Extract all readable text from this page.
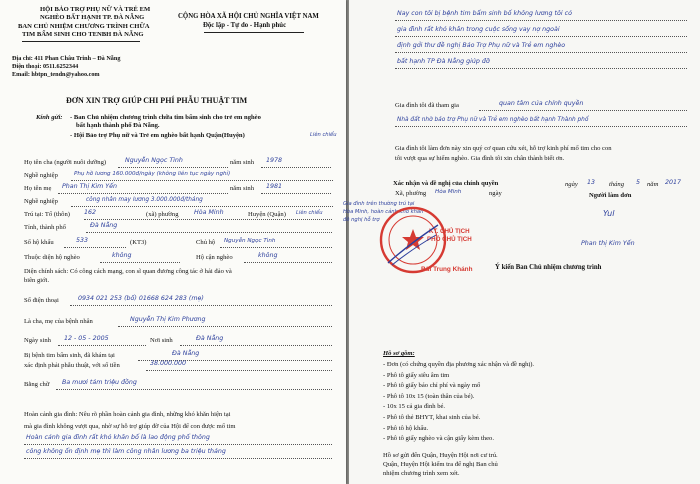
HỘI BẢO TRỢ PHỤ NỮ VÀ TRẺ EM
NGHÈO BẤT HẠNH TP. ĐÀ NẴNG
BAN CHỦ NHIỆM CHƯƠNG TRÌNH CHỮA
TIM BẨM SINH CHO TENBH ĐÀ NẴNG
Địa chỉ: 411 Phan Châu Trinh – Đà Nẵng
Điện thoại: 0511.6252344
Email: hbtpn_tendn@yahoo.com
CỘNG HÒA XÃ HỘI CHỦ NGHĨA VIỆT NAM
Độc lập - Tự do - Hạnh phúc
ĐƠN XIN TRỢ GIÚP CHI PHÍ PHẪU THUẬT TIM
Kính gửi: - Ban Chủ nhiệm chương trình chữa tim bẩm sinh cho trẻ em nghèo
bất hạnh thành phố Đà Nẵng.
- Hội Bảo trợ Phụ nữ và Trẻ em nghèo bất hạnh Quận(Huyện)	Liên chiểu
Họ tên cha (người nuôi dưỡng)	Nguyễn Ngọc Tình	năm sinh 1978
Nghề nghiệp	Phụ hồ lương 160.000đ/ngày (không liên tục ngày nghỉ)
Họ tên mẹ Phan Thị Kim Yến	năm sinh 1981
Nghề nghiệp	công nhân may lương 3.000.000đ/tháng
Trú tại: Tổ (thôn) 162	(xã) phường Hòa Minh	Huyện (Quận) Liên chiểu
Tỉnh, thành phố	Đà Nẵng
Sổ hộ khẩu	533	(KT3)	Chủ hộ Nguyễn Ngọc Tình
Thuộc diện hộ nghèo	không	Hộ cận nghèo	không
Diện chính sách: Có công cách mạng, con sĩ quan đương công tác ở hải đảo và
biên giới.
Số điện thoại	0934 021 253 (bố) 01668 624 283 (mẹ)
Là cha, mẹ của bệnh nhân	Nguyễn Thị Kim Phương
Ngày sinh 12 - 05 - 2005	Nơi sinh	Đà Nẵng
Bị bệnh tim bẩm sinh, đã khám tại	Đà Nẵng
xác định phải phẫu thuật, với số tiền	38.000.000
Bằng chữ Ba mươi tám triệu đồng
Hoàn cảnh gia đình: Nêu rõ phần hoàn cảnh gia đình, những khó khăn hiện tại
mà gia đình không vượt qua, nhờ sự hỗ trợ giúp đỡ của Hội để con được mổ tim
Hoàn cảnh gia đình rất khó khăn bố là lao động phổ thông
công không ổn định mẹ thì làm công nhân lương ba triệu tháng
Nay con tôi bị bệnh tim bẩm sinh bố không lương tôi có
gia đình rất khó khăn trong cuộc sống vay nợ ngoài
định gởi thư đề nghị Bảo Trợ Phụ nữ và Trẻ em nghèo
bất hạnh TP Đà Nẵng giúp đỡ
Gia đình tôi đã tham gia	quan tâm của chính quyền
Nhà đất nhờ bảo trợ Phụ nữ và Trẻ em nghèo bất hạnh Thành phố
Gia đình tôi làm đơn này xin quý cơ quan cứu xét, hỗ trợ kinh phí mổ tim cho con
tôi vượt qua sự hiểm nghèo. Gia đình tôi xin chân thành biết ơn.
Xác nhận và đề nghị của chính quyền
Xã, phường Hòa Minh	ngày
ngày 13 tháng 5 năm 2017
Người làm đơn
Yul
Phan thị Kim Yến
Gia đình trên thường trú tại
Hòa Minh, hoàn cảnh khó khăn
đề nghị hỗ trợ
KT. CHỦ TỊCH
PHÓ CHỦ TỊCH
Bùi Trung Khánh	Ý kiến Ban Chủ nhiệm chương trình
Hồ sơ gồm:
- Đơn (có chứng quyền địa phương xác nhận và đề nghị).
- Phô tô giấy siêu âm tim
- Phô tô giấy báo chỉ phí và ngày mổ
- Phô tô 10x 15 (toàn thân của bé).
- 10x 15 cả gia đình bé.
- Phô tô thẻ BHYT, khai sinh của bé.
- Phô tô hộ khẩu.
- Phô tô giấy nghèo và cận giấy kèm theo.
Hồ sơ gửi đến Quận, Huyện Hội nơi cư trú.
Quận, Huyện Hội kiểm tra để nghị Ban chủ
nhiệm chương trình xem xét.
